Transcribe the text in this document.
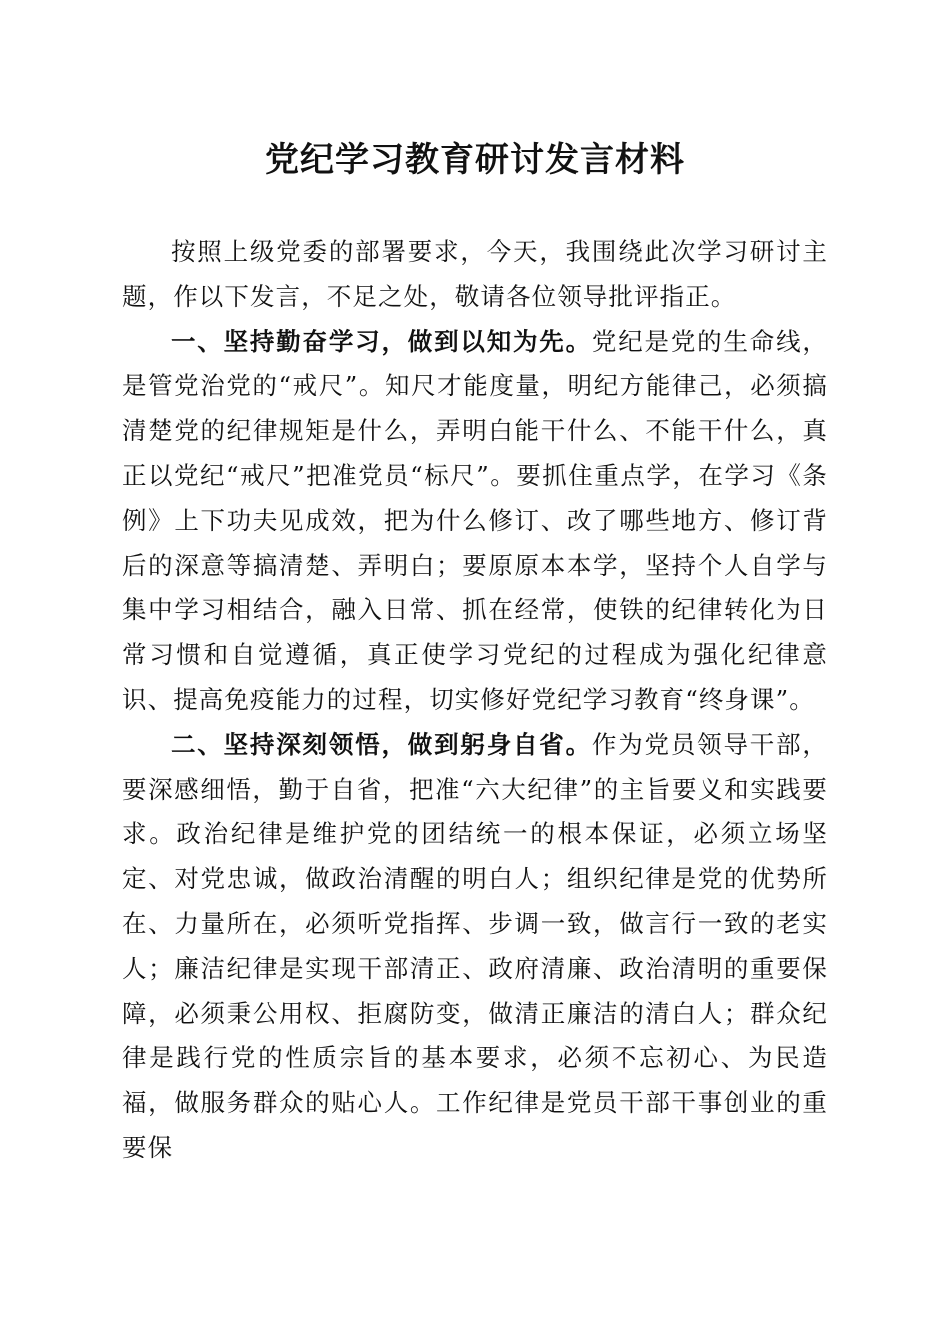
党纪学习教育研讨发言材料

按照上级党委的部署要求，今天，我围绕此次学习研讨主题，作以下发言，不足之处，敬请各位领导批评指正。

一、坚持勤奋学习，做到以知为先。党纪是党的生命线，是管党治党的“戒尺”。知尺才能度量，明纪方能律己，必须搞清楚党的纪律规矩是什么，弄明白能干什么、不能干什么，真正以党纪“戒尺”把准党员“标尺”。要抓住重点学，在学习《条例》上下功夫见成效，把为什么修订、改了哪些地方、修订背后的深意等搞清楚、弄明白；要原原本本学，坚持个人自学与集中学习相结合，融入日常、抓在经常，使铁的纪律转化为日常习惯和自觉遵循，真正使学习党纪的过程成为强化纪律意识、提高免疫能力的过程，切实修好党纪学习教育“终身课”。

二、坚持深刻领悟，做到躬身自省。作为党员领导干部，要深感细悟，勤于自省，把准“六大纪律”的主旨要义和实践要求。政治纪律是维护党的团结统一的根本保证，必须立场坚定、对党忠诚，做政治清醒的明白人；组织纪律是党的优势所在、力量所在，必须听党指挥、步调一致，做言行一致的老实人；廉洁纪律是实现干部清正、政府清廉、政治清明的重要保障，必须秉公用权、拒腐防变，做清正廉洁的清白人；群众纪律是践行党的性质宗旨的基本要求，必须不忘初心、为民造福，做服务群众的贴心人。工作纪律是党员干部干事创业的重要保
